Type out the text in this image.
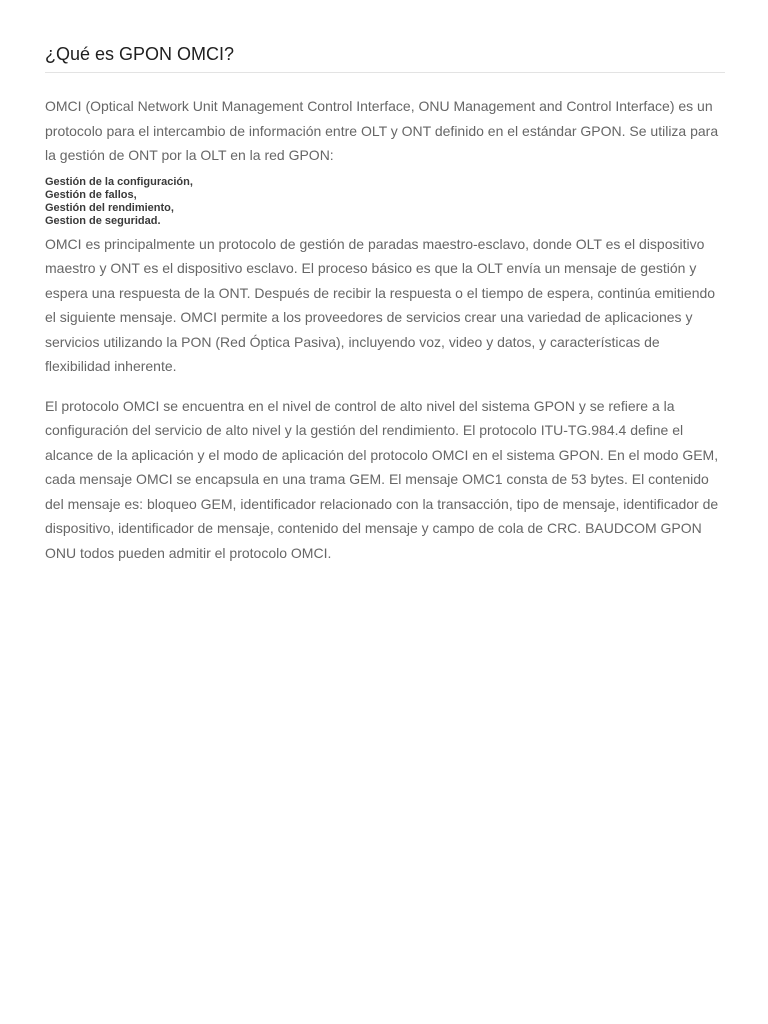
¿Qué es GPON OMCI?

OMCI (Optical Network Unit Management Control Interface, ONU Management and Control Interface) es un protocolo para el intercambio de información entre OLT y ONT definido en el estándar GPON. Se utiliza para la gestión de ONT por la OLT en la red GPON:

Gestión de la configuración,
Gestión de fallos,
Gestión del rendimiento,
Gestion de seguridad.

OMCI es principalmente un protocolo de gestión de paradas maestro-esclavo, donde OLT es el dispositivo maestro y ONT es el dispositivo esclavo. El proceso básico es que la OLT envía un mensaje de gestión y espera una respuesta de la ONT. Después de recibir la respuesta o el tiempo de espera, continúa emitiendo el siguiente mensaje. OMCI permite a los proveedores de servicios crear una variedad de aplicaciones y servicios utilizando la PON (Red Óptica Pasiva), incluyendo voz, video y datos, y características de flexibilidad inherente.

El protocolo OMCI se encuentra en el nivel de control de alto nivel del sistema GPON y se refiere a la configuración del servicio de alto nivel y la gestión del rendimiento. El protocolo ITU-TG.984.4 define el alcance de la aplicación y el modo de aplicación del protocolo OMCI en el sistema GPON. En el modo GEM, cada mensaje OMCI se encapsula en una trama GEM. El mensaje OMC1 consta de 53 bytes. El contenido del mensaje es: bloqueo GEM, identificador relacionado con la transacción, tipo de mensaje, identificador de dispositivo, identificador de mensaje, contenido del mensaje y campo de cola de CRC. BAUDCOM GPON ONU todos pueden admitir el protocolo OMCI.
